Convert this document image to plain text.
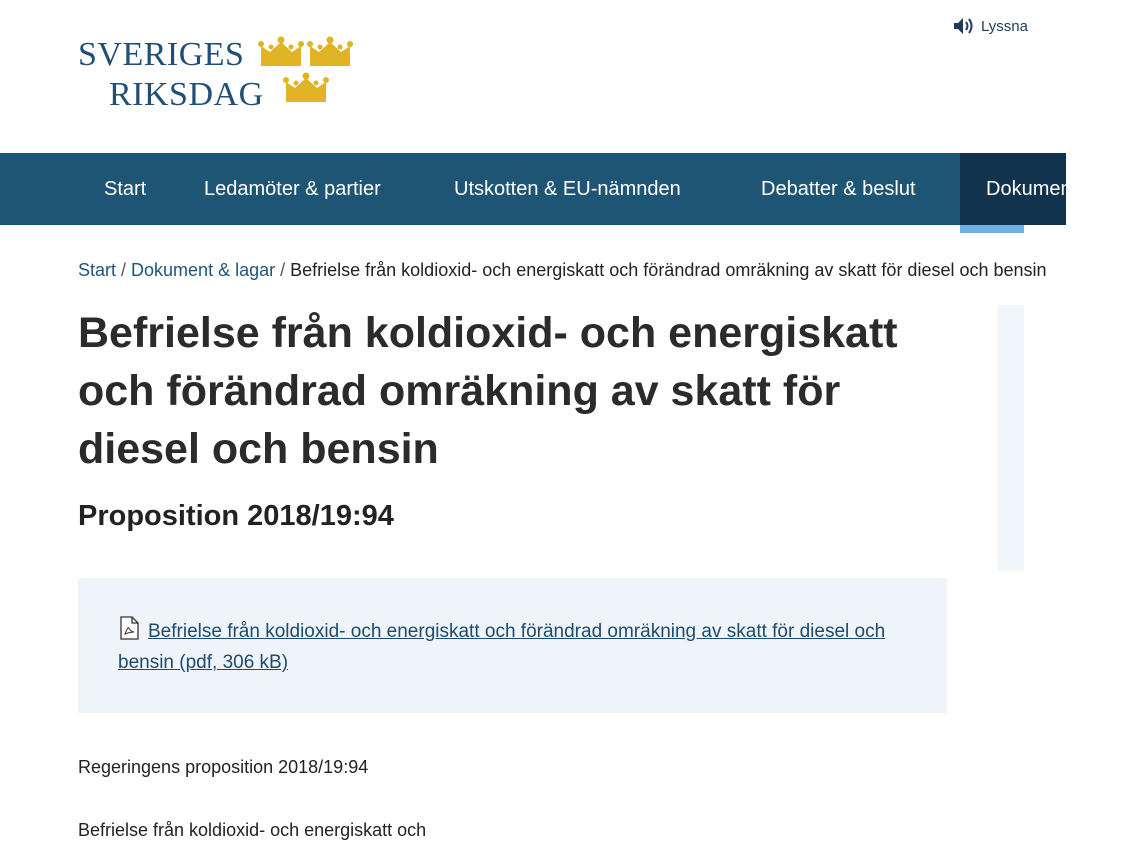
SVERIGES
RIKSDAG
Lyssna
Start	Ledamöter & partier	Utskotten & EU-nämnden	Debatter & beslut	Dokument & lagar
Start / Dokument & lagar / Befrielse från koldioxid- och energiskatt och förändrad omräkning av skatt för diesel och bensin
Befrielse från koldioxid- och energiskatt och förändrad omräkning av skatt för diesel och bensin
Proposition 2018/19:94
Befrielse från koldioxid- och energiskatt och förändrad omräkning av skatt för diesel och bensin (pdf, 306 kB)

Regeringens proposition 2018/19:94

Befrielse från koldioxid- och energiskatt och
